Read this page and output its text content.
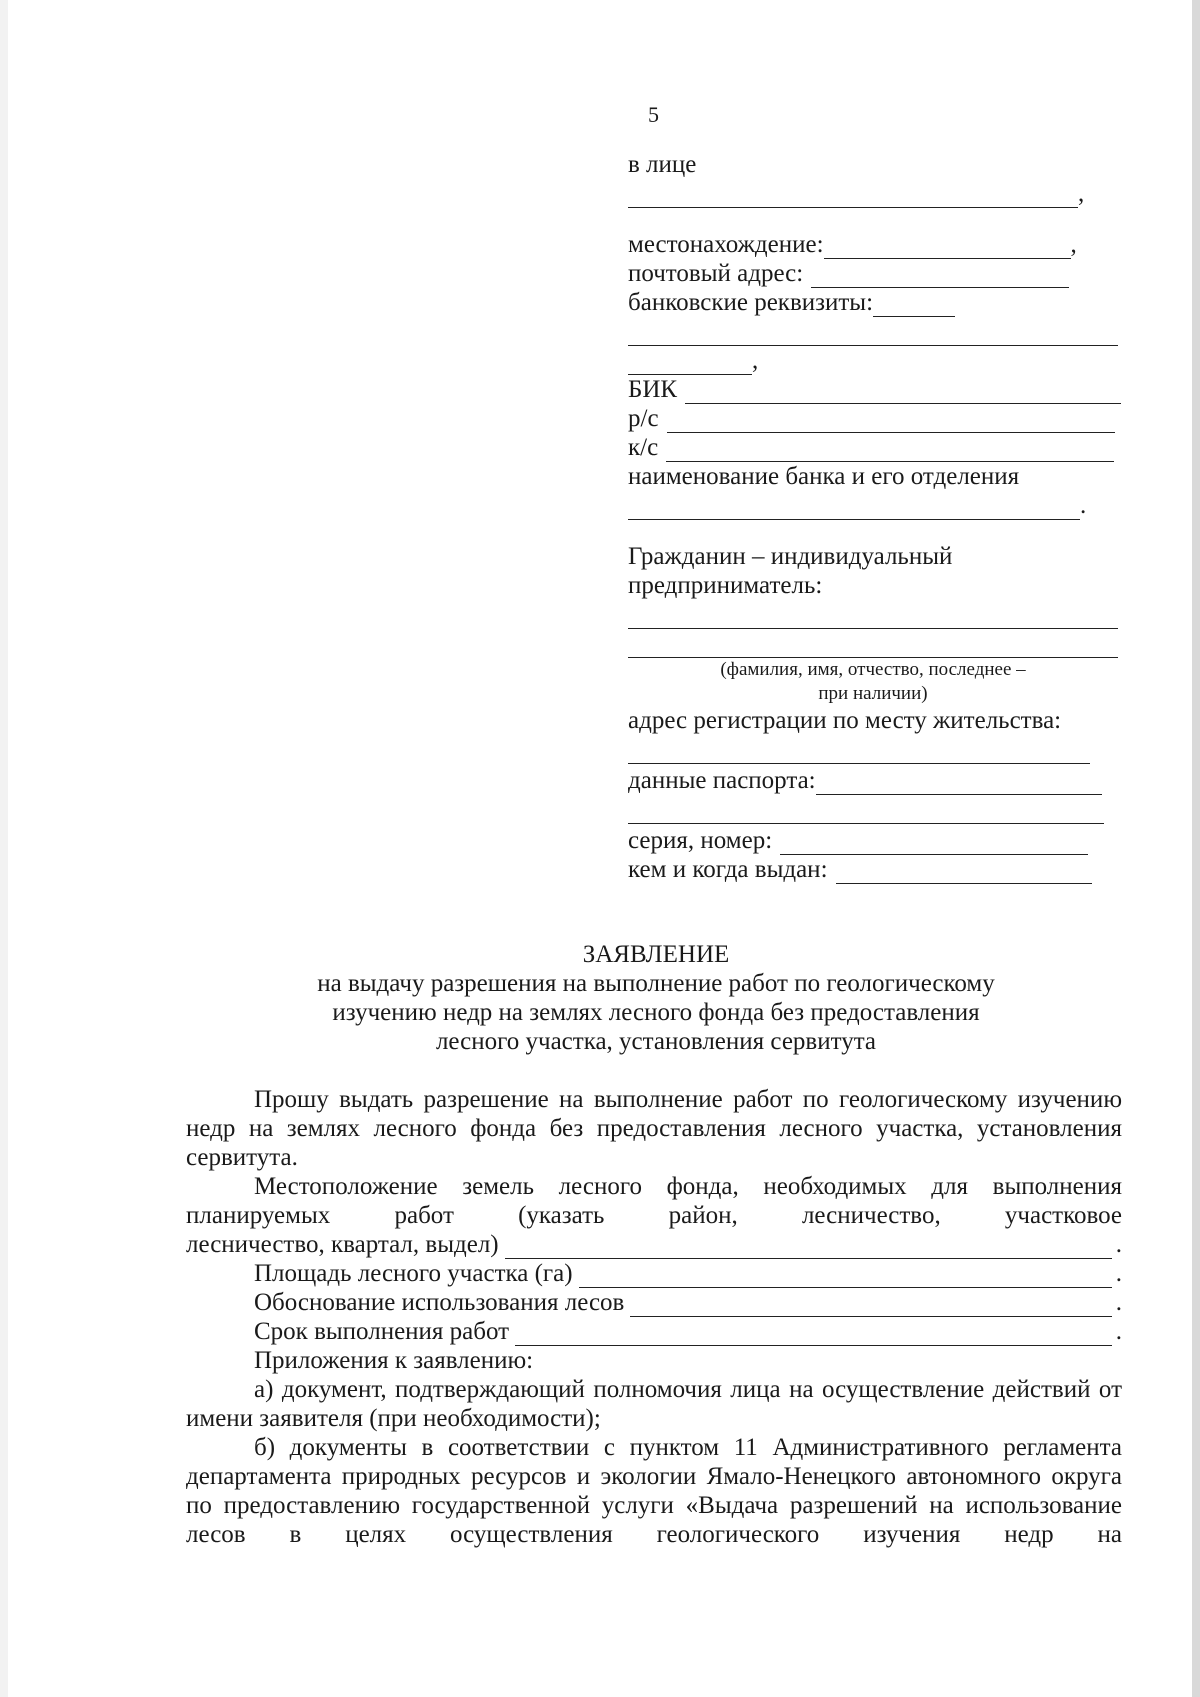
5
в лице
,
местонахождение:	,
почтовый адрес:
банковские реквизиты:
,
БИК
р/с
к/с
наименование банка и его отделения
.
Гражданин – индивидуальный
предприниматель:
(фамилия, имя, отчество, последнее –
при наличии)
адрес регистрации по месту жительства:
данные паспорта:
серия, номер:
кем и когда выдан:
ЗАЯВЛЕНИЕ
на выдачу разрешения на выполнение работ по геологическому
изучению недр на землях лесного фонда без предоставления
лесного участка, установления сервитута
Прошу выдать разрешение на выполнение работ по геологическому изучению недр на землях лесного фонда без предоставления лесного участка, установления сервитута.
Местоположение земель лесного фонда, необходимых для выполнения планируемых работ (указать район, лесничество, участковое
лесничество, квартал, выдел)	.
Площадь лесного участка (га)	.
Обоснование использования лесов	.
Срок выполнения работ	.
Приложения к заявлению:
а) документ, подтверждающий полномочия лица на осуществление действий от имени заявителя (при необходимости);
б) документы в соответствии с пунктом 11 Административного регламента департамента природных ресурсов и экологии Ямало-Ненецкого автономного округа по предоставлению государственной услуги «Выдача разрешений на использование лесов в целях осуществления геологического изучения недр на
